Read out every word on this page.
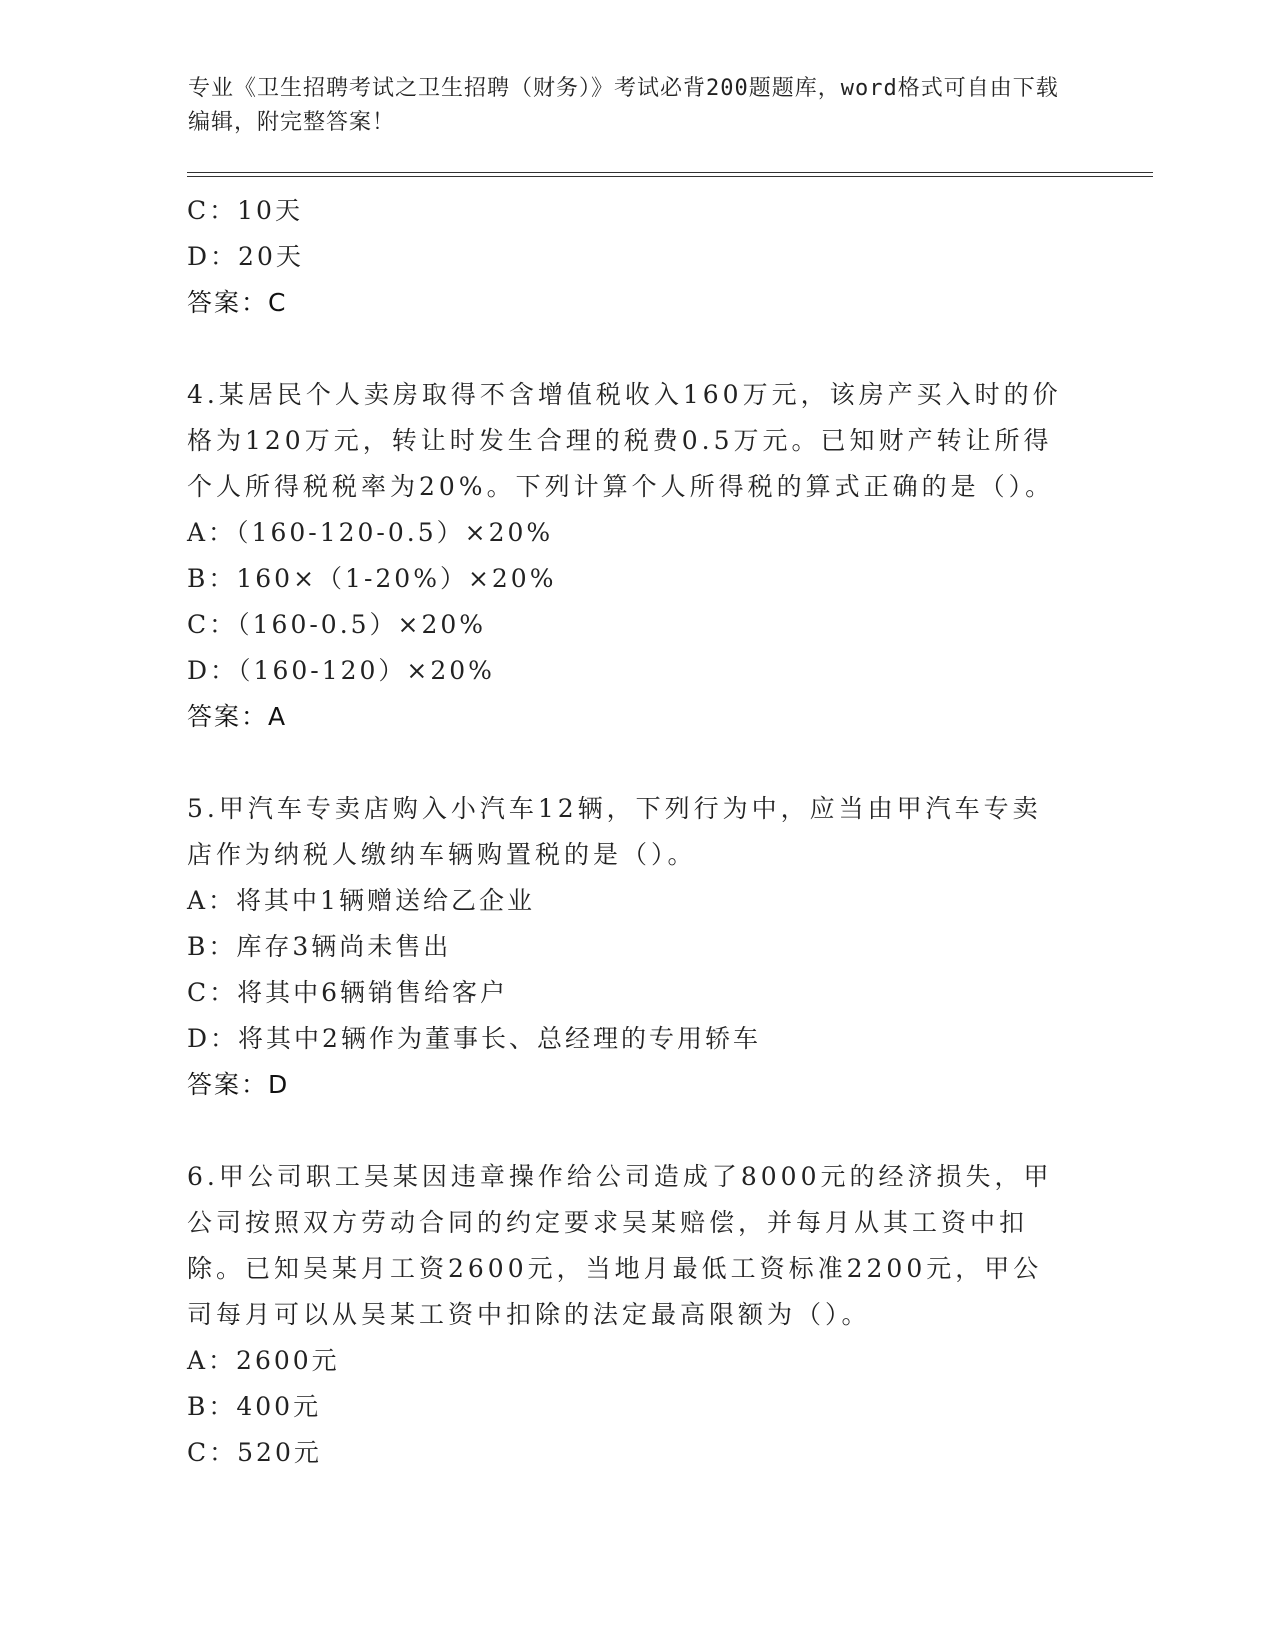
专业《卫生招聘考试之卫生招聘（财务）》考试必背200题题库，word格式可自由下载编辑，附完整答案！
C：10天
D：20天
答案：C
4.某居民个人卖房取得不含增值税收入160万元，该房产买入时的价格为120万元，转让时发生合理的税费0.5万元。已知财产转让所得个人所得税税率为20%。下列计算个人所得税的算式正确的是（）。
A：（160-120-0.5）×20%
B：160×（1-20%）×20%
C：（160-0.5）×20%
D：（160-120）×20%
答案：A
5.甲汽车专卖店购入小汽车12辆，下列行为中，应当由甲汽车专卖店作为纳税人缴纳车辆购置税的是（）。
A：将其中1辆赠送给乙企业
B：库存3辆尚未售出
C：将其中6辆销售给客户
D：将其中2辆作为董事长、总经理的专用轿车
答案：D
6.甲公司职工吴某因违章操作给公司造成了8000元的经济损失，甲公司按照双方劳动合同的约定要求吴某赔偿，并每月从其工资中扣除。已知吴某月工资2600元，当地月最低工资标准2200元，甲公司每月可以从吴某工资中扣除的法定最高限额为（）。
A：2600元
B：400元
C：520元
